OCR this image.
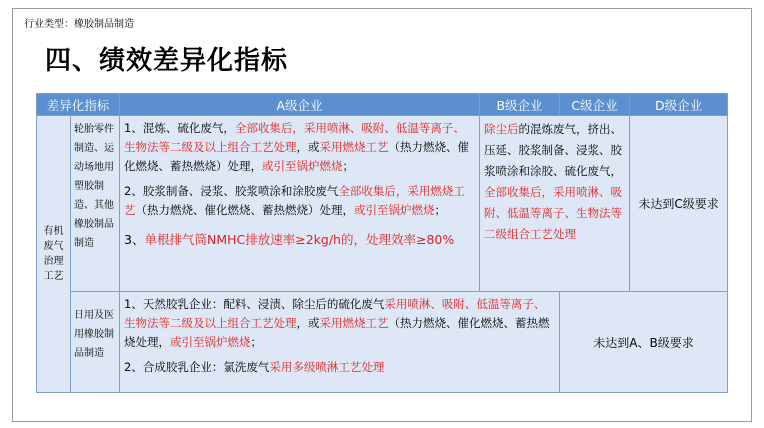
行业类型：橡胶制品制造
四、绩效差异化指标
差异化指标		A级企业	B级企业	C级企业	D级企业
有机废气治理工艺	轮胎零件制造、运动场地用塑胶制造、其他橡胶制品制造	1、混炼、硫化废气，全部收集后，采用喷淋、吸附、低温等离子、生物法等二级及以上组合工艺处理，或采用燃烧工艺（热力燃烧、催化燃烧、蓄热燃烧）处理，或引至锅炉燃烧；

2、胶浆制备、浸浆、胶浆喷涂和涂胶废气全部收集后，采用燃烧工艺（热力燃烧、催化燃烧、蓄热燃烧）处理，或引至锅炉燃烧；

3、单根排气筒NMHC排放速率≥2kg/h的，处理效率≥80%	除尘后的混炼废气，挤出、压延、胶浆制备、浸浆、胶浆喷涂和涂胶、硫化废气，全部收集后，采用喷淋、吸附、低温等离子、生物法等二级组合工艺处理		未达到C级要求
	日用及医用橡胶制品制造	1、天然胶乳企业：配料、浸渍、除尘后的硫化废气采用喷淋、吸附、低温等离子、生物法等二级及以上组合工艺处理，或采用燃烧工艺（热力燃烧、催化燃烧、蓄热燃烧处理，或引至锅炉燃烧；

2、合成胶乳企业：氯洗废气采用多级喷淋工艺处理		未达到A、B级要求	
